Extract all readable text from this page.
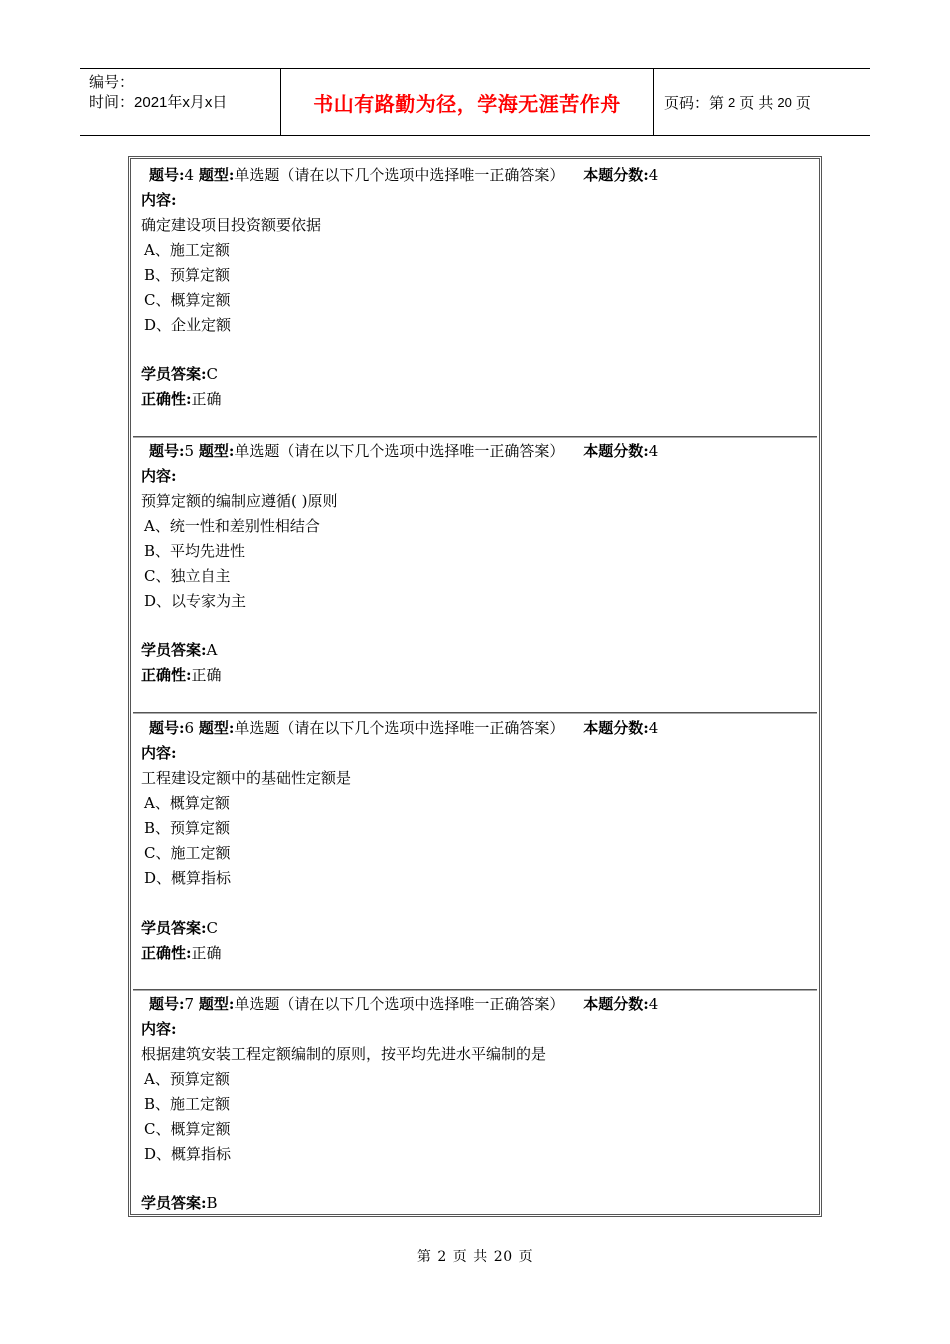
编号：
时间：2021年x月x日	书山有路勤为径，学海无涯苦作舟	页码：第 2 页 共 20 页
题号:4 题型:单选题（请在以下几个选项中选择唯一正确答案） 本题分数:4
内容:
确定建设项目投资额要依据
A、施工定额
B、预算定额
C、概算定额
D、企业定额
学员答案:C
正确性:正确
题号:5 题型:单选题（请在以下几个选项中选择唯一正确答案） 本题分数:4
内容:
预算定额的编制应遵循( )原则
A、统一性和差别性相结合
B、平均先进性
C、独立自主
D、以专家为主
学员答案:A
正确性:正确
题号:6 题型:单选题（请在以下几个选项中选择唯一正确答案） 本题分数:4
内容:
工程建设定额中的基础性定额是
A、概算定额
B、预算定额
C、施工定额
D、概算指标
学员答案:C
正确性:正确
题号:7 题型:单选题（请在以下几个选项中选择唯一正确答案） 本题分数:4
内容:
根据建筑安装工程定额编制的原则，按平均先进水平编制的是
A、预算定额
B、施工定额
C、概算定额
D、概算指标
学员答案:B
第 2 页 共 20 页
